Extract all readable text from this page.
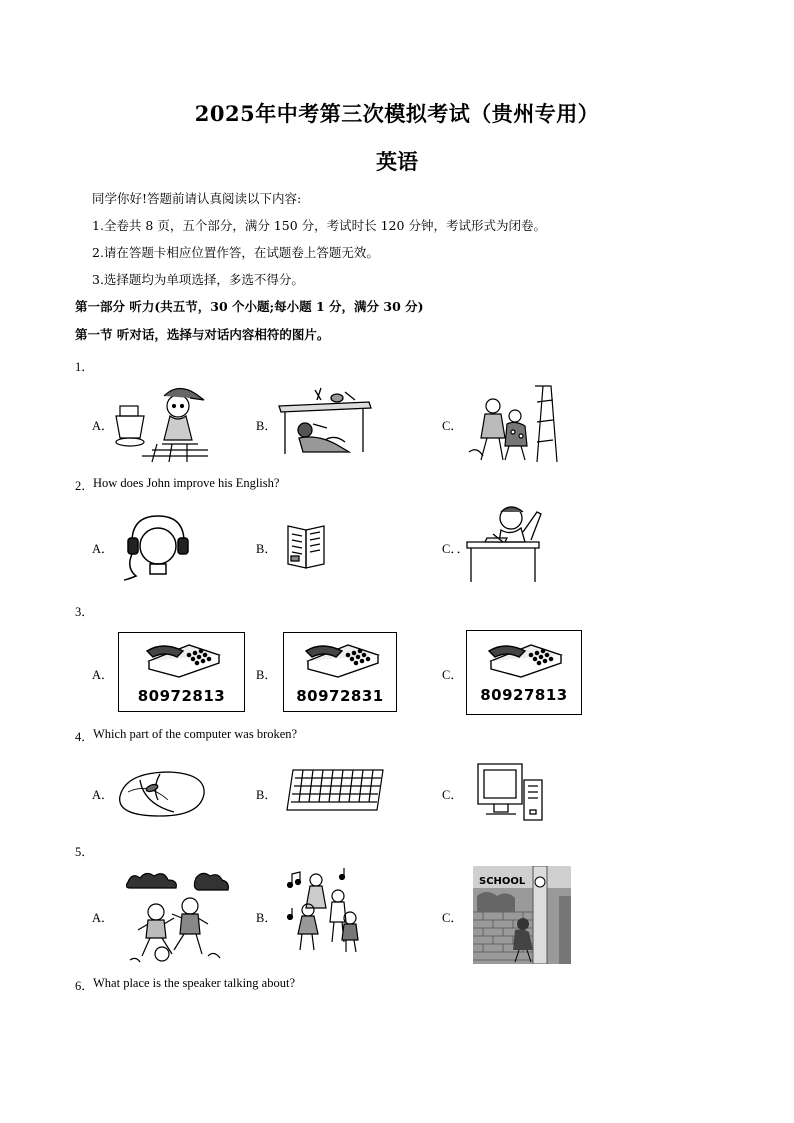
2025年中考第三次模拟考试（贵州专用）
英语
同学你好!答题前请认真阅读以下内容:
1.全卷共 8 页，五个部分，满分 150 分，考试时长 120 分钟，考试形式为闭卷。
2.请在答题卡相应位置作答，在试题卷上答题无效。
3.选择题均为单项选择，多选不得分。
第一部分 听力(共五节，30 个小题;每小题 1 分，满分 30 分)
第一节 听对话，选择与对话内容相符的图片。
1．
A．	B．	C．
2． How does John improve his English?
A．	B．	C．．
3．
A．	B．	C．
80972813	80972831	80927813
4． Which part of the computer was broken?
A．	B．	C．
5．
A．	B．	C．
SCHOOL
6． What place is the speaker talking about?
